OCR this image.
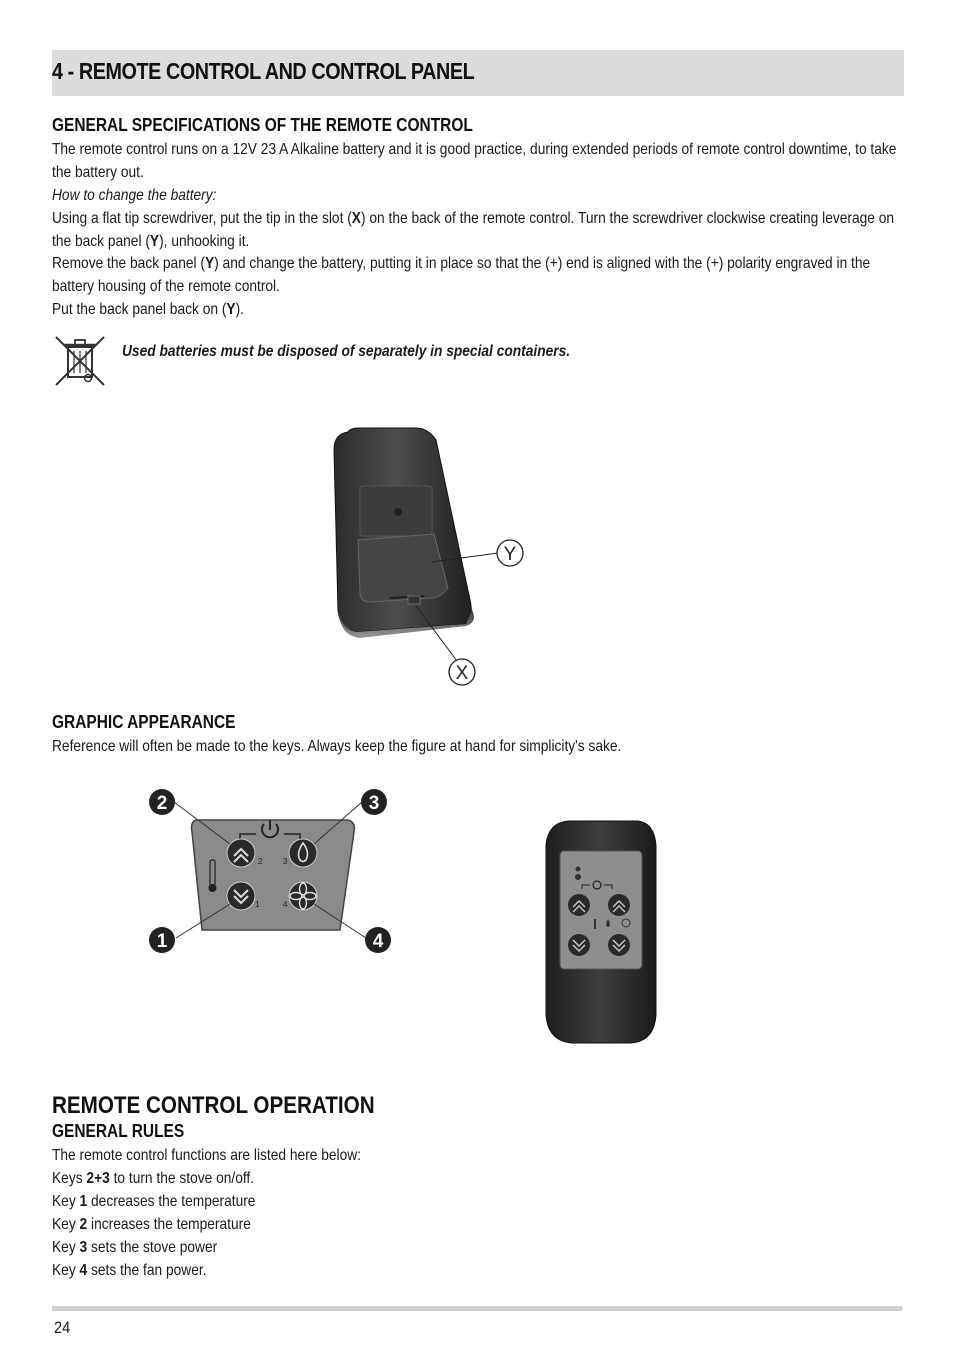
4 - REMOTE CONTROL AND CONTROL PANEL
GENERAL SPECIFICATIONS OF THE REMOTE CONTROL
The remote control runs on a 12V 23 A Alkaline battery and it is good practice, during extended periods of remote control downtime, to take the battery out.
How to change the battery:
Using a flat tip screwdriver, put the tip in the slot (X) on the back of the remote control. Turn the screwdriver clockwise creating leverage on the back panel (Y), unhooking it.
Remove the back panel (Y) and change the battery, putting it in place so that the (+) end is aligned with the (+) polarity engraved in the battery housing of the remote control.
Put the back panel back on (Y).
Used batteries must be disposed of separately in special containers.
Y
X
GRAPHIC APPEARANCE
Reference will often be made to the keys. Always keep the figure at hand for simplicity's sake.
2	3
1	4
2	3
1	4
REMOTE CONTROL OPERATION
GENERAL RULES
The remote control functions are listed here below:
Keys 2+3 to turn the stove on/off.
Key 1 decreases the temperature
Key 2 increases the temperature
Key 3 sets the stove power
Key 4 sets the fan power.
24
